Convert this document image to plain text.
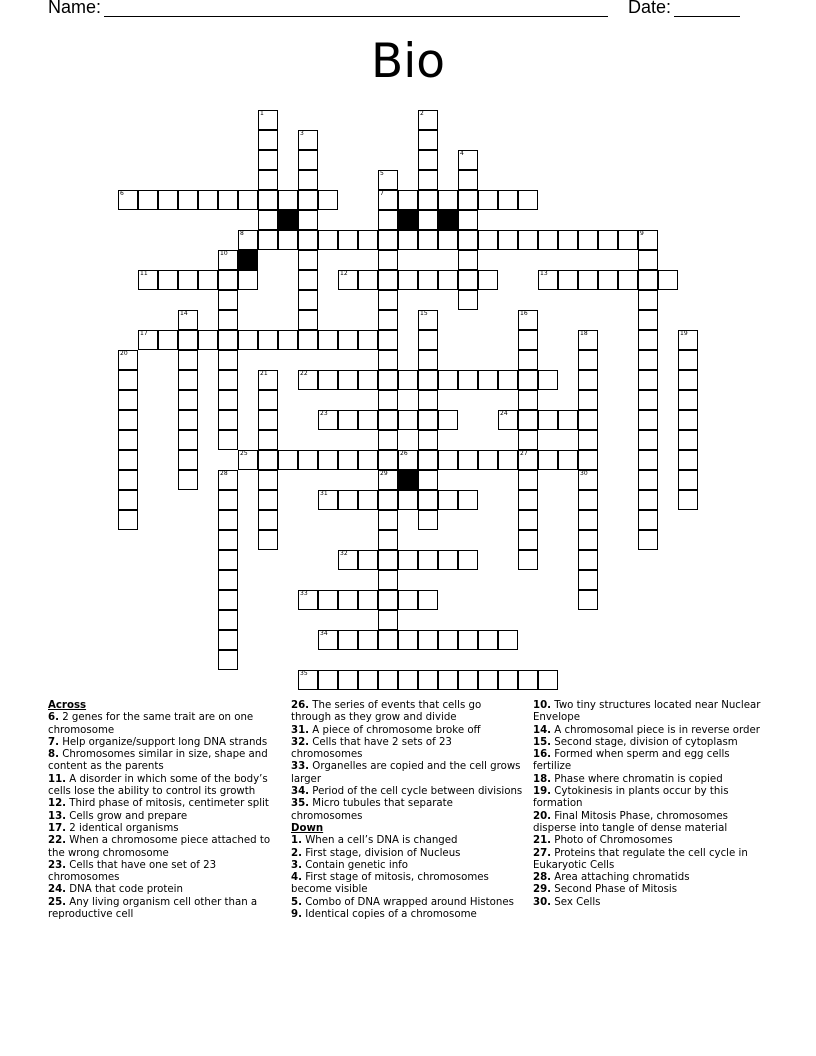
Name:	Date:
Bio
6	7
1
3
2
4
5
29
8	9
10
11	12	13
14
17
20
15	16
18	19
21	22
23	24
25	26	27
30
28
31
32
33
34
35
Across
6. 2 genes for the same trait are on one chromosome
7. Help organize/support long DNA strands
8. Chromosomes similar in size, shape and content as the parents
11. A disorder in which some of the body’s cells lose the ability to control its growth
12. Third phase of mitosis, centimeter split
13. Cells grow and prepare
17. 2 identical organisms
22. When a chromosome piece attached to the wrong chromosome
23. Cells that have one set of 23 chromosomes
24. DNA that code protein
25. Any living organism cell other than a reproductive cell
26. The series of events that cells go through as they grow and divide
31. A piece of chromosome broke off
32. Cells that have 2 sets of 23 chromosomes
33. Organelles are copied and the cell grows larger
34. Period of the cell cycle between divisions
35. Micro tubules that separate chromosomes
Down
1. When a cell’s DNA is changed
2. First stage, division of Nucleus
3. Contain genetic info
4. First stage of mitosis, chromosomes become visible
5. Combo of DNA wrapped around Histones
9. Identical copies of a chromosome
10. Two tiny structures located near Nuclear Envelope
14. A chromosomal piece is in reverse order
15. Second stage, division of cytoplasm
16. Formed when sperm and egg cells fertilize
18. Phase where chromatin is copied
19. Cytokinesis in plants occur by this formation
20. Final Mitosis Phase, chromosomes disperse into tangle of dense material
21. Photo of Chromosomes
27. Proteins that regulate the cell cycle in Eukaryotic Cells
28. Area attaching chromatids
29. Second Phase of Mitosis
30. Sex Cells
